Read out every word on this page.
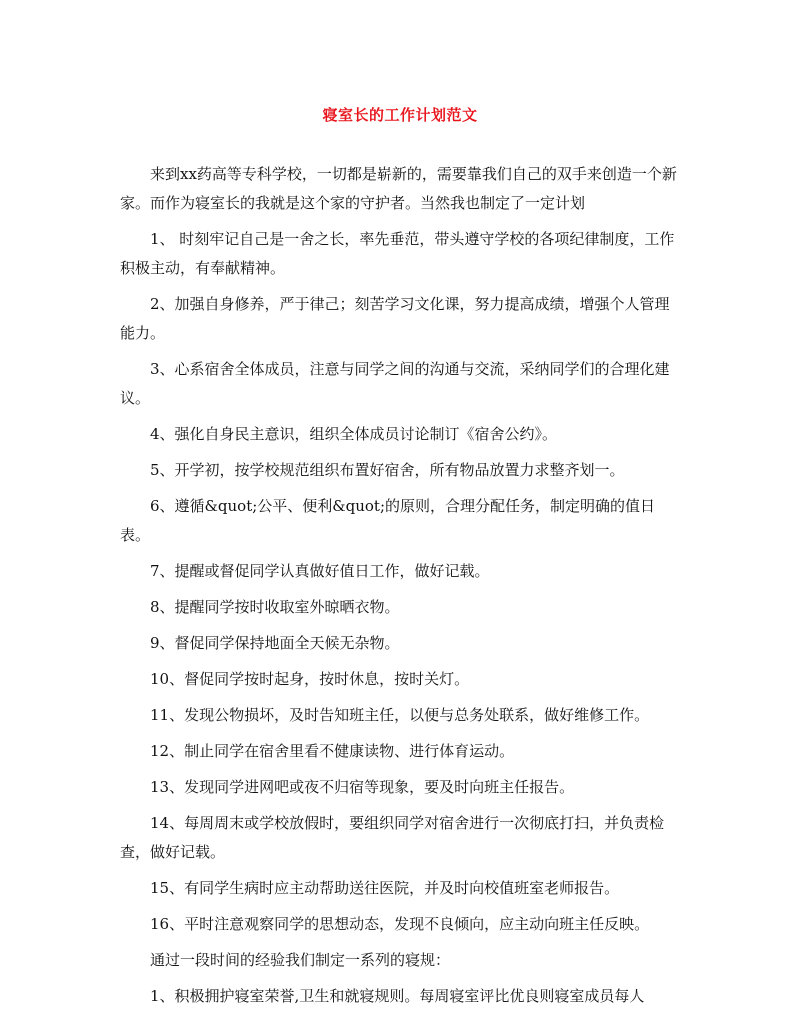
寝室长的工作计划范文

来到xx药高等专科学校，一切都是崭新的，需要靠我们自己的双手来创造一个新家。而作为寝室长的我就是这个家的守护者。当然我也制定了一定计划

1、 时刻牢记自己是一舍之长，率先垂范，带头遵守学校的各项纪律制度，工作积极主动，有奉献精神。

2、加强自身修养，严于律己；刻苦学习文化课，努力提高成绩，增强个人管理能力。

3、心系宿舍全体成员，注意与同学之间的沟通与交流，采纳同学们的合理化建议。

4、强化自身民主意识，组织全体成员讨论制订《宿舍公约》。

5、开学初，按学校规范组织布置好宿舍，所有物品放置力求整齐划一。

6、遵循&quot;公平、便利&quot;的原则，合理分配任务，制定明确的值日表。

7、提醒或督促同学认真做好值日工作，做好记载。

8、提醒同学按时收取室外晾晒衣物。

9、督促同学保持地面全天候无杂物。

10、督促同学按时起身，按时休息，按时关灯。

11、发现公物损坏，及时告知班主任，以便与总务处联系，做好维修工作。

12、制止同学在宿舍里看不健康读物、进行体育运动。

13、发现同学进网吧或夜不归宿等现象，要及时向班主任报告。

14、每周周末或学校放假时，要组织同学对宿舍进行一次彻底打扫，并负责检查，做好记载。

15、有同学生病时应主动帮助送往医院，并及时向校值班室老师报告。

16、平时注意观察同学的思想动态，发现不良倾向，应主动向班主任反映。

通过一段时间的经验我们制定一系列的寝规：

1、积极拥护寝室荣誉,卫生和就寝规则。每周寝室评比优良则寝室成员每人
